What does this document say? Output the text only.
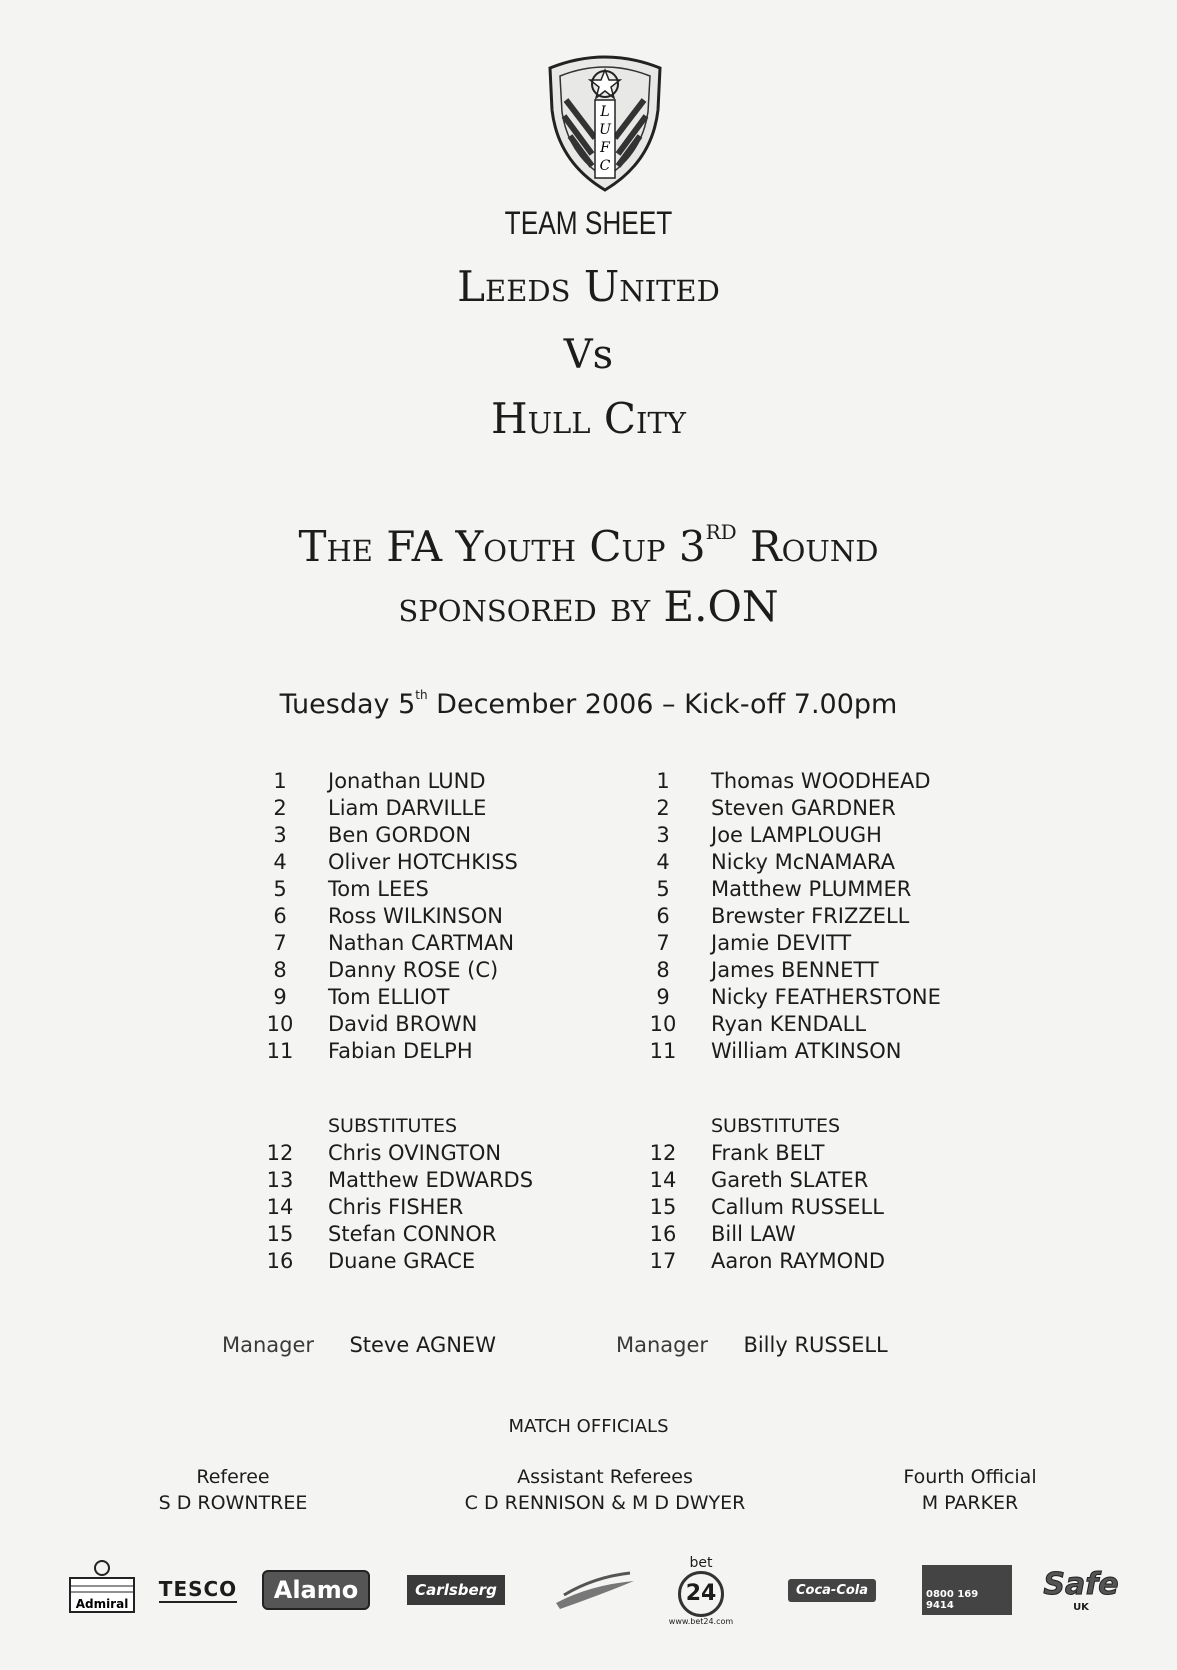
L
U
F
C
TEAM SHEET
Leeds United
Vs
Hull City
The FA Youth Cup 3RD Round
sponsored by E.ON
Tuesday 5th December 2006 – Kick-off 7.00pm
1	Jonathan LUND
2	Liam DARVILLE
3	Ben GORDON
4	Oliver HOTCHKISS
5	Tom LEES
6	Ross WILKINSON
7	Nathan CARTMAN
8	Danny ROSE (C)
9	Tom ELLIOT
10	David BROWN
11	Fabian DELPH
1	Thomas WOODHEAD
2	Steven GARDNER
3	Joe LAMPLOUGH
4	Nicky McNAMARA
5	Matthew PLUMMER
6	Brewster FRIZZELL
7	Jamie DEVITT
8	James BENNETT
9	Nicky FEATHERSTONE
10	Ryan KENDALL
11	William ATKINSON
SUBSTITUTES
12	Chris OVINGTON
13	Matthew EDWARDS
14	Chris FISHER
15	Stefan CONNOR
16	Duane GRACE
SUBSTITUTES
12	Frank BELT
14	Gareth SLATER
15	Callum RUSSELL
16	Bill LAW
17	Aaron RAYMOND
Manager Steve AGNEW	Manager Billy RUSSELL
MATCH OFFICIALS
Referee
S D ROWNTREE
Assistant Referees
C D RENNISON & M D DWYER
Fourth Official
M PARKER
Admiral
TESCO	Alamo	Carlsberg
bet
24
www.bet24.com
Coca-Cola	0800 169 9414
Safe
UK
